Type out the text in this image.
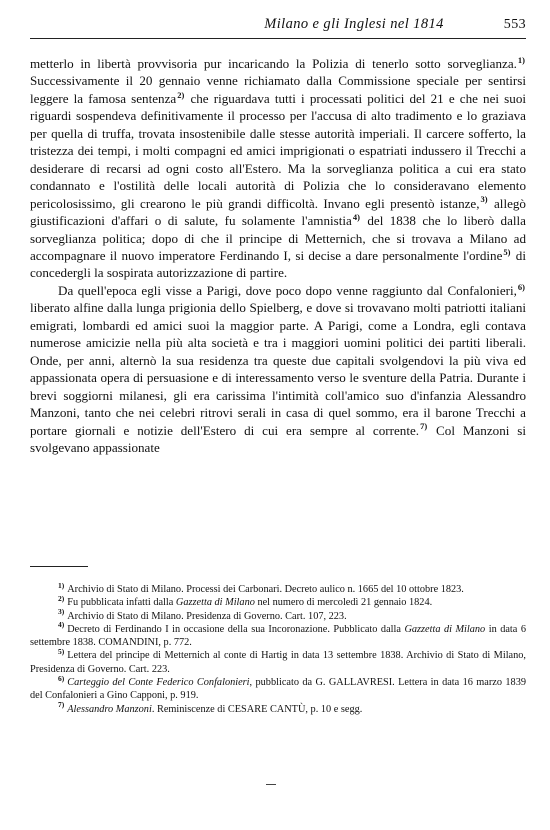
Milano e gli Inglesi nel 1814	553

metterlo in libertà provvisoria pur incaricando la Polizia di tenerlo sotto sorveglianza.$^{1)}$ Successivamente il 20 gennaio venne richiamato dalla Commissione speciale per sentirsi leggere la famosa sentenza$^{2)}$ che riguardava tutti i processati politici del 21 e che nei suoi riguardi sospendeva definitivamente il processo per l'accusa di alto tradimento e lo graziava per quella di truffa, trovata insostenibile dalle stesse autorità imperiali. Il carcere sofferto, la tristezza dei tempi, i molti compagni ed amici imprigionati o espatriati indussero il Trecchi a desiderare di recarsi ad ogni costo all'Estero. Ma la sorveglianza politica a cui era stato condannato e l'ostilità delle locali autorità di Polizia che lo consideravano elemento pericolosissimo, gli crearono le più grandi difficoltà. Invano egli presentò istanze,$^{3)}$ allegò giustificazioni d'affari o di salute, fu solamente l'amnistia$^{4)}$ del 1838 che lo liberò dalla sorveglianza politica; dopo di che il principe di Metternich, che si trovava a Milano ad accompagnare il nuovo imperatore Ferdinando I, si decise a dare personalmente l'ordine$^{5)}$ di concedergli la sospirata autorizzazione di partire.

Da quell'epoca egli visse a Parigi, dove poco dopo venne raggiunto dal Confalonieri,$^{6)}$ liberato alfine dalla lunga prigionia dello Spielberg, e dove si trovavano molti patriotti italiani emigrati, lombardi ed amici suoi la maggior parte. A Parigi, come a Londra, egli contava numerose amicizie nella più alta società e tra i maggiori uomini politici dei partiti liberali. Onde, per anni, alternò la sua residenza tra queste due capitali svolgendovi la più viva ed appassionata opera di persuasione e di interessamento verso le sventure della Patria. Durante i brevi soggiorni milanesi, gli era carissima l'intimità coll'amico suo d'infanzia Alessandro Manzoni, tanto che nei celebri ritrovi serali in casa di quel sommo, era il barone Trecchi a portare giornali e notizie dell'Estero di cui era sempre al corrente.$^{7)}$ Col Manzoni si svolgevano appassionate

$^{1)}$ Archivio di Stato di Milano. Processi dei Carbonari. Decreto aulico n. 1665 del 10 ottobre 1823.

$^{2)}$ Fu pubblicata infatti dalla Gazzetta di Milano nel numero di mercoledì 21 gennaio 1824.

$^{3)}$ Archivio di Stato di Milano. Presidenza di Governo. Cart. 107, 223.

$^{4)}$ Decreto di Ferdinando I in occasione della sua Incoronazione. Pubblicato dalla Gazzetta di Milano in data 6 settembre 1838. COMANDINI, p. 772.

$^{5)}$ Lettera del principe di Metternich al conte di Hartig in data 13 settembre 1838. Archivio di Stato di Milano, Presidenza di Governo. Cart. 223.

$^{6)}$ Carteggio del Conte Federico Confalonieri, pubblicato da G. GALLAVRESI. Lettera in data 16 marzo 1839 del Confalonieri a Gino Capponi, p. 919.

$^{7)}$ Alessandro Manzoni. Reminiscenze di CESARE CANTÙ, p. 10 e segg.
